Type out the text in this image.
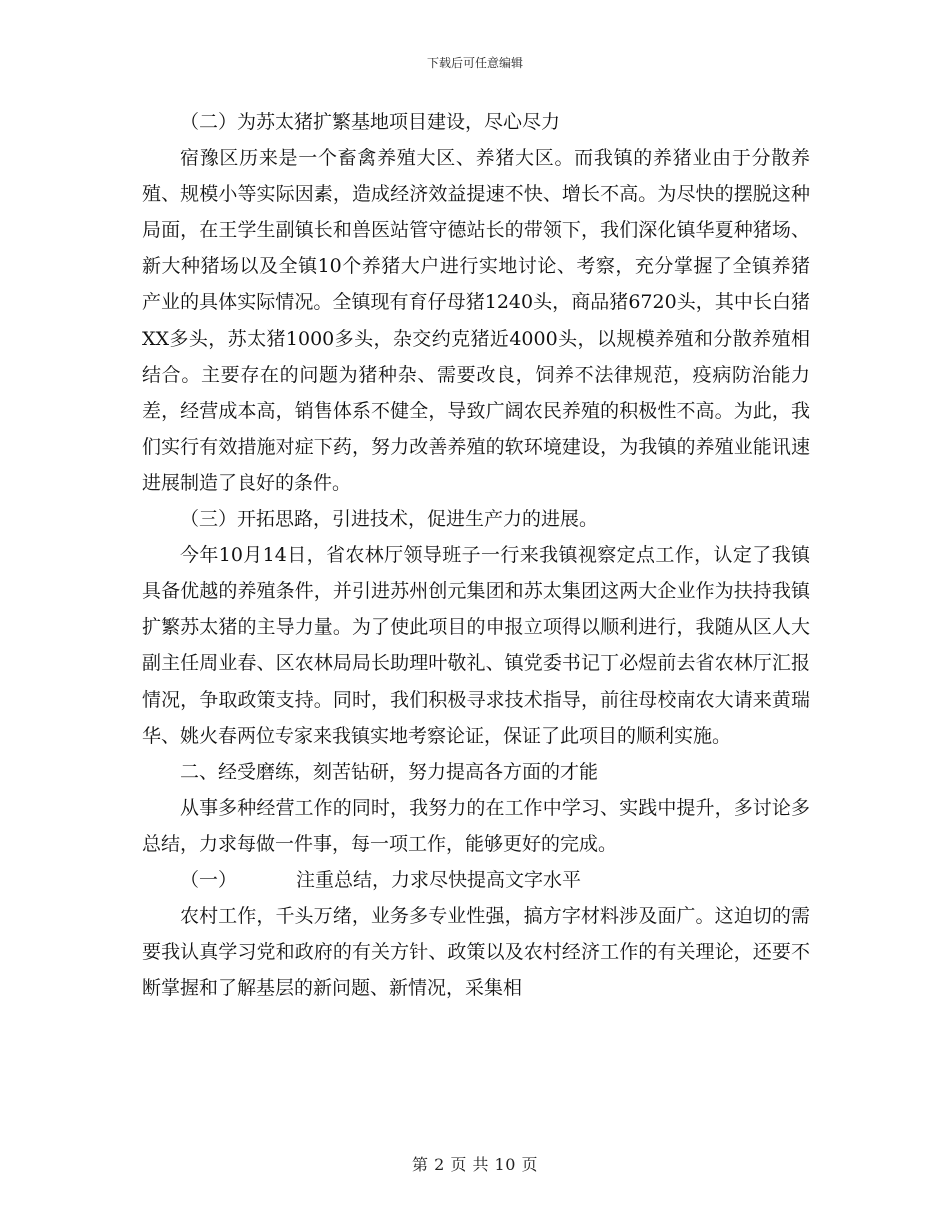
下载后可任意编辑

（二）为苏太猪扩繁基地项目建设，尽心尽力

宿豫区历来是一个畜禽养殖大区、养猪大区。而我镇的养猪业由于分散养殖、规模小等实际因素，造成经济效益提速不快、增长不高。为尽快的摆脱这种局面，在王学生副镇长和兽医站管守德站长的带领下，我们深化镇华夏种猪场、新大种猪场以及全镇10个养猪大户进行实地讨论、考察，充分掌握了全镇养猪产业的具体实际情况。全镇现有育仔母猪1240头，商品猪6720头，其中长白猪XX多头，苏太猪1000多头，杂交约克猪近4000头，以规模养殖和分散养殖相结合。主要存在的问题为猪种杂、需要改良，饲养不法律规范，疫病防治能力差，经营成本高，销售体系不健全，导致广阔农民养殖的积极性不高。为此，我们实行有效措施对症下药，努力改善养殖的软环境建设，为我镇的养殖业能讯速进展制造了良好的条件。

（三）开拓思路，引进技术，促进生产力的进展。

今年10月14日，省农林厅领导班子一行来我镇视察定点工作，认定了我镇具备优越的养殖条件，并引进苏州创元集团和苏太集团这两大企业作为扶持我镇扩繁苏太猪的主导力量。为了使此项目的申报立项得以顺利进行，我随从区人大副主任周业春、区农林局局长助理叶敬礼、镇党委书记丁必煜前去省农林厅汇报情况，争取政策支持。同时，我们积极寻求技术指导，前往母校南农大请来黄瑞华、姚火春两位专家来我镇实地考察论证，保证了此项目的顺利实施。

二、经受磨练，刻苦钻研，努力提高各方面的才能

从事多种经营工作的同时，我努力的在工作中学习、实践中提升，多讨论多总结，力求每做一件事，每一项工作，能够更好的完成。

（一）	注重总结，力求尽快提高文字水平

农村工作，千头万绪，业务多专业性强，搞方字材料涉及面广。这迫切的需要我认真学习党和政府的有关方针、政策以及农村经济工作的有关理论，还要不断掌握和了解基层的新问题、新情况，采集相

第 2 页 共 10 页
